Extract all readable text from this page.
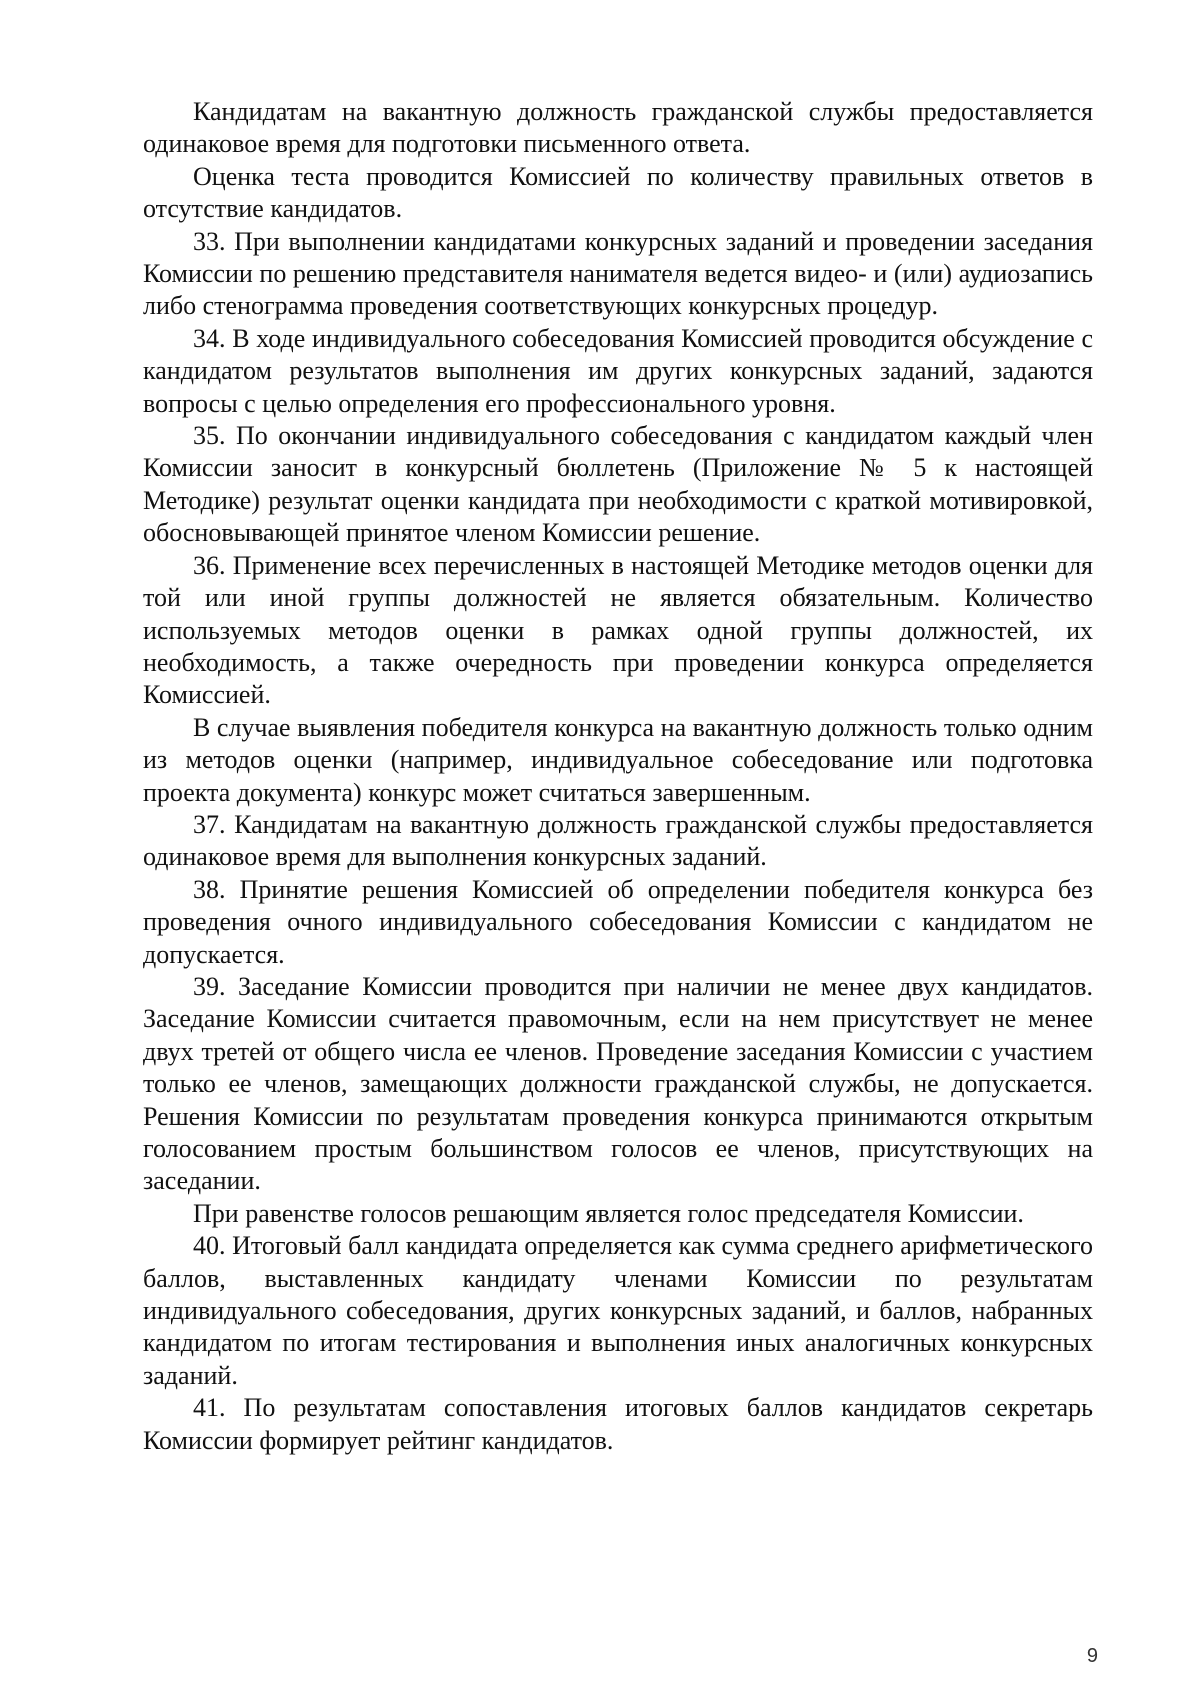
Кандидатам на вакантную должность гражданской службы предоставляется одинаковое время для подготовки письменного ответа.

Оценка теста проводится Комиссией по количеству правильных ответов в отсутствие кандидатов.

33. При выполнении кандидатами конкурсных заданий и проведении заседания Комиссии по решению представителя нанимателя ведется видео- и (или) аудиозапись либо стенограмма проведения соответствующих конкурсных процедур.

34. В ходе индивидуального собеседования Комиссией проводится обсуждение с кандидатом результатов выполнения им других конкурсных заданий, задаются вопросы с целью определения его профессионального уровня.

35. По окончании индивидуального собеседования с кандидатом каждый член Комиссии заносит в конкурсный бюллетень (Приложение № 5 к настоящей Методике) результат оценки кандидата при необходимости с краткой мотивировкой, обосновывающей принятое членом Комиссии решение.

36. Применение всех перечисленных в настоящей Методике методов оценки для той или иной группы должностей не является обязательным. Количество используемых методов оценки в рамках одной группы должностей, их необходимость, а также очередность при проведении конкурса определяется Комиссией.

В случае выявления победителя конкурса на вакантную должность только одним из методов оценки (например, индивидуальное собеседование или подготовка проекта документа) конкурс может считаться завершенным.

37. Кандидатам на вакантную должность гражданской службы предоставляется одинаковое время для выполнения конкурсных заданий.

38. Принятие решения Комиссией об определении победителя конкурса без проведения очного индивидуального собеседования Комиссии с кандидатом не допускается.

39. Заседание Комиссии проводится при наличии не менее двух кандидатов. Заседание Комиссии считается правомочным, если на нем присутствует не менее двух третей от общего числа ее членов. Проведение заседания Комиссии с участием только ее членов, замещающих должности гражданской службы, не допускается. Решения Комиссии по результатам проведения конкурса принимаются открытым голосованием простым большинством голосов ее членов, присутствующих на заседании.

При равенстве голосов решающим является голос председателя Комиссии.

40. Итоговый балл кандидата определяется как сумма среднего арифметического баллов, выставленных кандидату членами Комиссии по результатам индивидуального собеседования, других конкурсных заданий, и баллов, набранных кандидатом по итогам тестирования и выполнения иных аналогичных конкурсных заданий.

41. По результатам сопоставления итоговых баллов кандидатов секретарь Комиссии формирует рейтинг кандидатов.

9
